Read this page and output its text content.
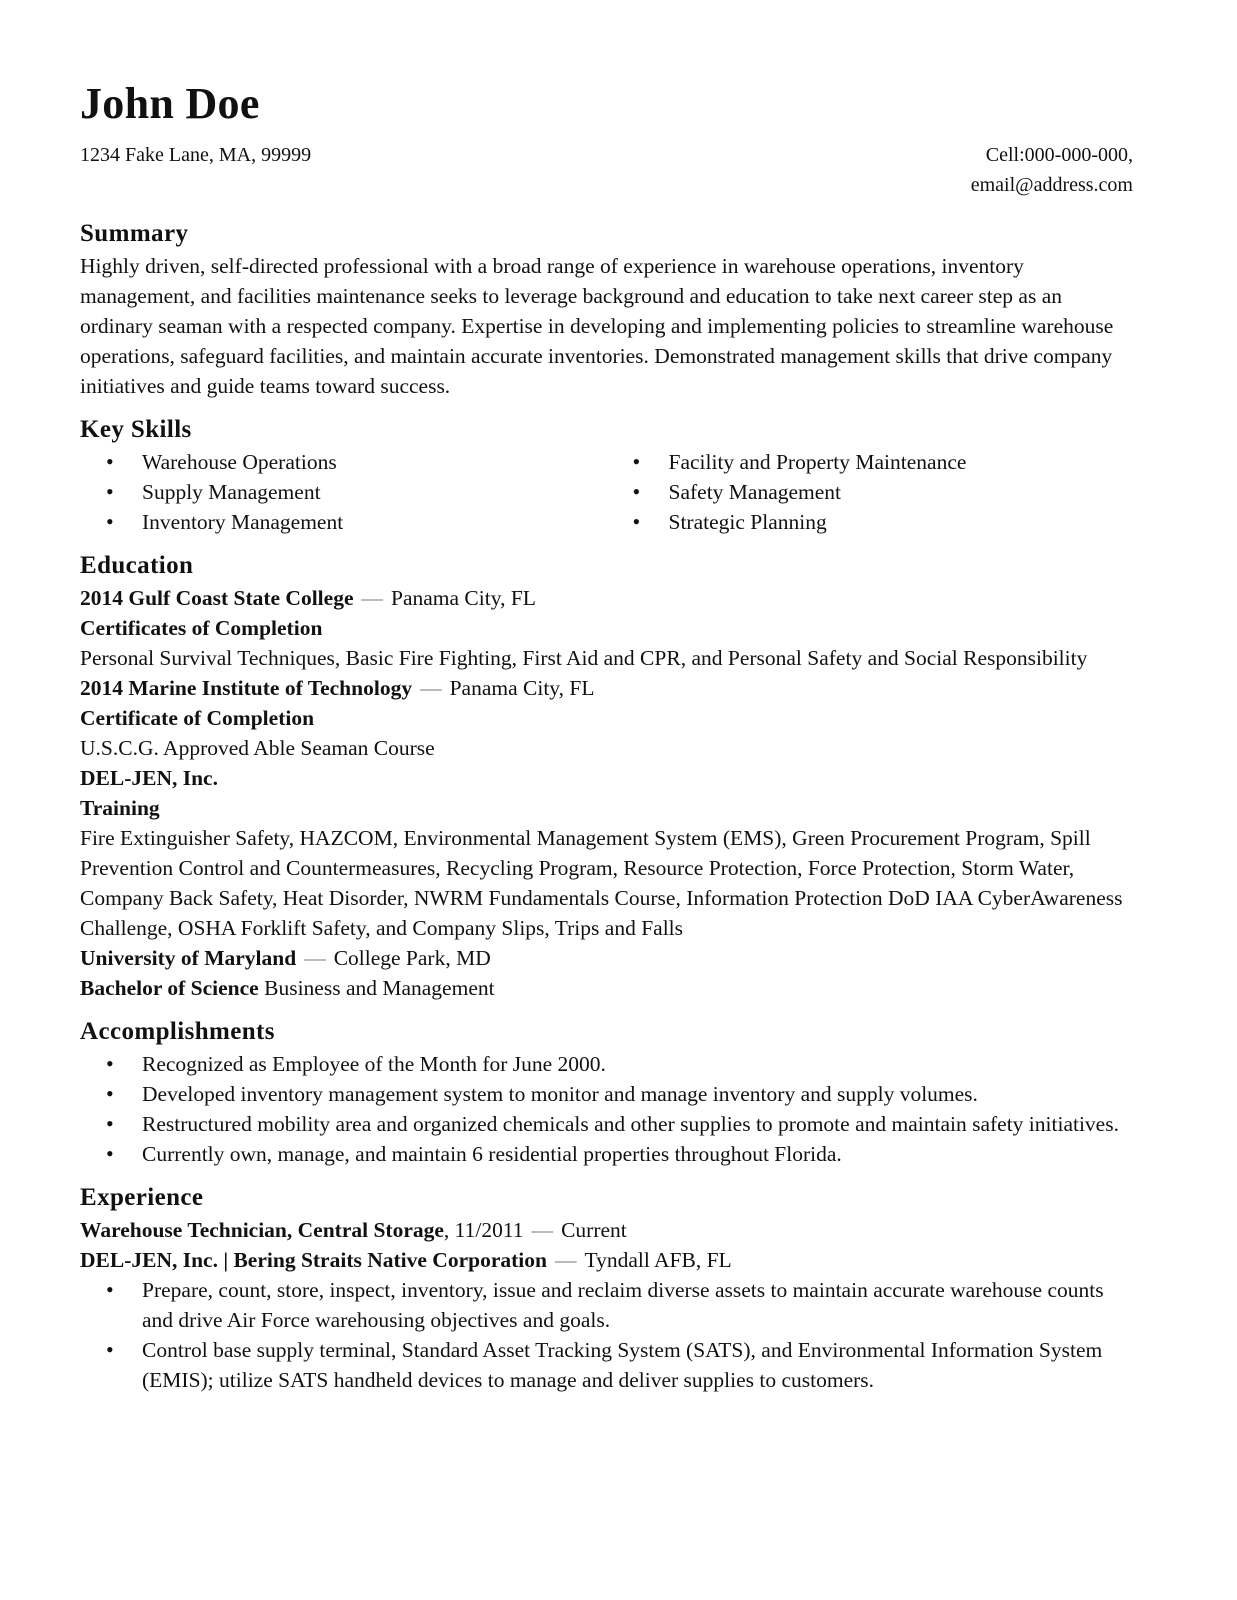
John Doe
1234 Fake Lane, MA, 99999	Cell:000-000-000,
email@address.com
Summary

Highly driven, self-directed professional with a broad range of experience in warehouse operations, inventory management, and facilities maintenance seeks to leverage background and education to take next career step as an ordinary seaman with a respected company. Expertise in developing and implementing policies to streamline warehouse operations, safeguard facilities, and maintain accurate inventories. Demonstrated management skills that drive company initiatives and guide teams toward success.

Key Skills
• Warehouse Operations
• Supply Management
• Inventory Management
• Facility and Property Maintenance
• Safety Management
• Strategic Planning
Education

2014 Gulf Coast State College — Panama City, FL

Certificates of Completion

Personal Survival Techniques, Basic Fire Fighting, First Aid and CPR, and Personal Safety and Social Responsibility

2014 Marine Institute of Technology — Panama City, FL

Certificate of Completion

U.S.C.G. Approved Able Seaman Course

DEL-JEN, Inc.

Training

Fire Extinguisher Safety, HAZCOM, Environmental Management System (EMS), Green Procurement Program, Spill Prevention Control and Countermeasures, Recycling Program, Resource Protection, Force Protection, Storm Water, Company Back Safety, Heat Disorder, NWRM Fundamentals Course, Information Protection DoD IAA CyberAwareness Challenge, OSHA Forklift Safety, and Company Slips, Trips and Falls

University of Maryland — College Park, MD

Bachelor of Science Business and Management

Accomplishments
• Recognized as Employee of the Month for June 2000.
• Developed inventory management system to monitor and manage inventory and supply volumes.
• Restructured mobility area and organized chemicals and other supplies to promote and maintain safety initiatives.
• Currently own, manage, and maintain 6 residential properties throughout Florida.
Experience

Warehouse Technician, Central Storage, 11/2011 — Current

DEL-JEN, Inc. | Bering Straits Native Corporation — Tyndall AFB, FL

• Prepare, count, store, inspect, inventory, issue and reclaim diverse assets to maintain accurate warehouse counts and drive Air Force warehousing objectives and goals.
• Control base supply terminal, Standard Asset Tracking System (SATS), and Environmental Information System (EMIS); utilize SATS handheld devices to manage and deliver supplies to customers.
